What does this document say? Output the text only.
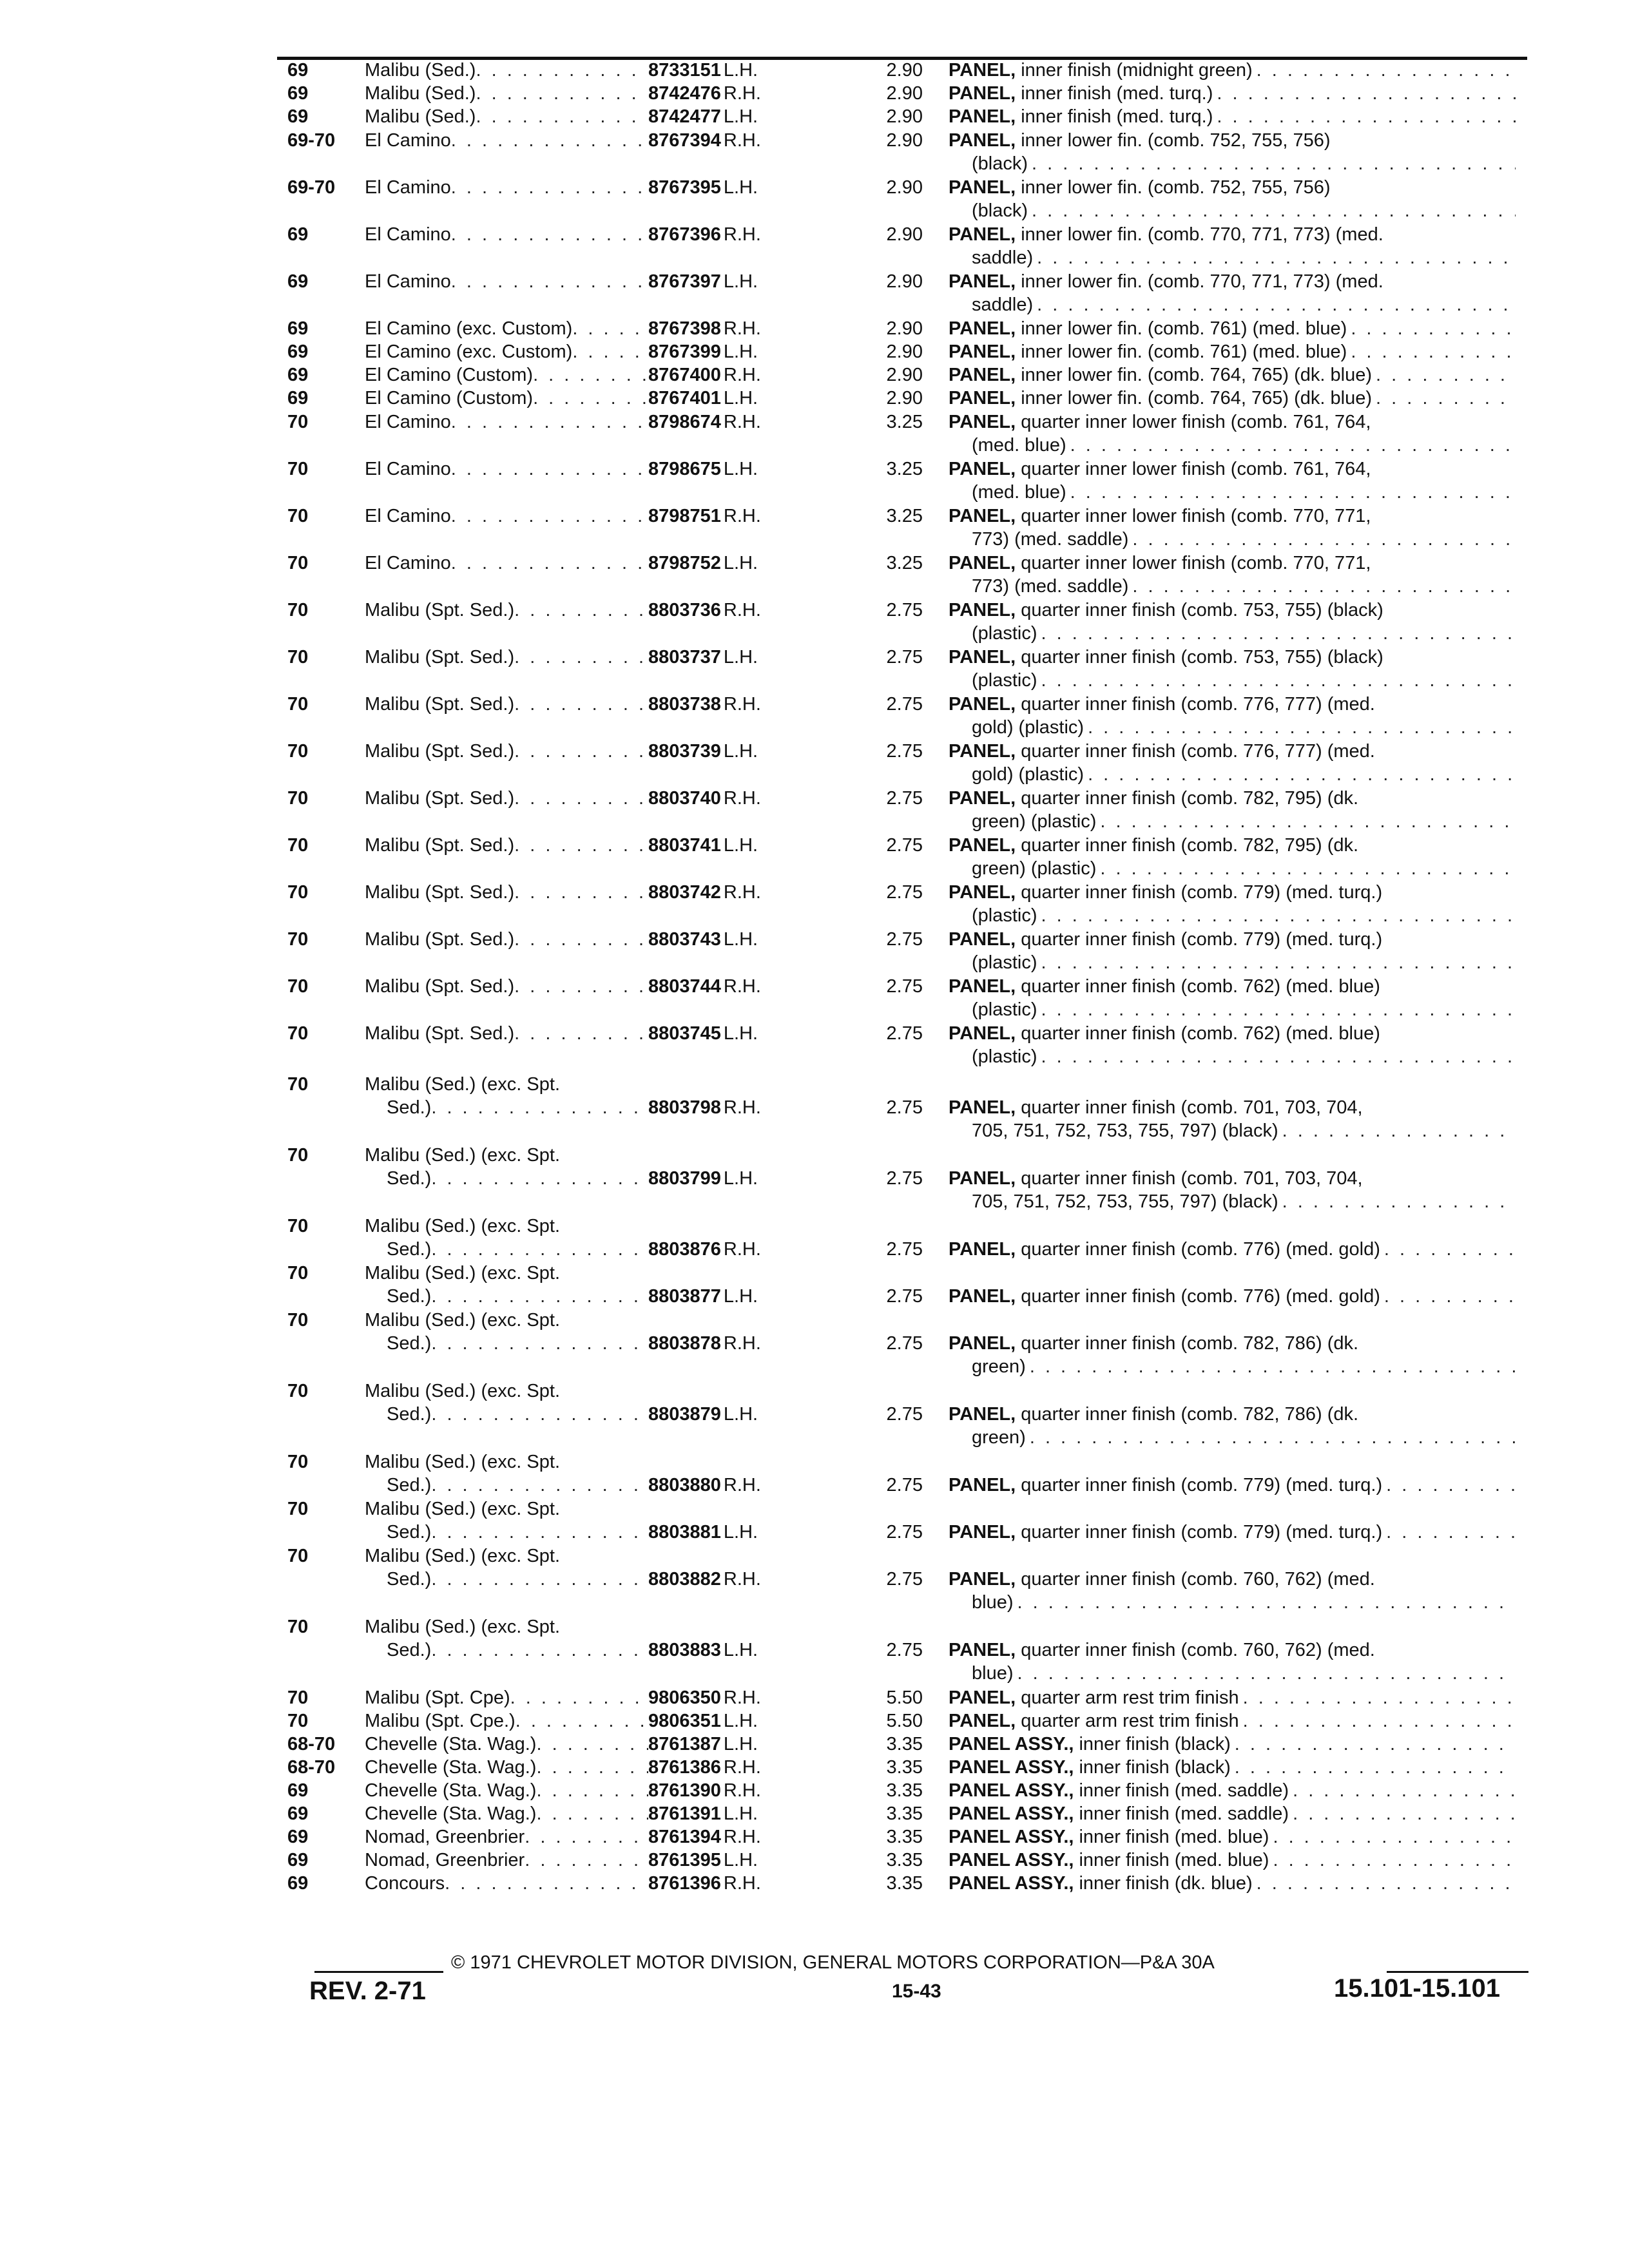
69	Malibu (Sed.) . . .	8733151 L.H.	2.90 PANEL, inner finish (midnight green)
. . .
69	Malibu (Sed.) . . .	8742476 R.H.	2.90 PANEL, inner finish (med. turq.)
. . .
69	Malibu (Sed.) . . .	8742477 L.H.	2.90 PANEL, inner finish (med. turq.)
. . .
69-70 El Camino . . .	8767394 R.H.	2.90 PANEL, inner lower fin. (comb. 752, 755, 756)
(black)
. . .
69-70 El Camino . . .	8767395 L.H.	2.90 PANEL, inner lower fin. (comb. 752, 755, 756)
(black)
. . .
69	El Camino . . .	8767396 R.H.	2.90 PANEL, inner lower fin. (comb. 770, 771, 773) (med.
saddle)
. . .
69	El Camino . . .	8767397 L.H.	2.90 PANEL, inner lower fin. (comb. 770, 771, 773) (med.
saddle)
. . .
69	El Camino (exc. Custom) . . .	8767398 R.H.	2.90 PANEL, inner lower fin. (comb. 761) (med. blue)
. . .
69	El Camino (exc. Custom) . . .	8767399 L.H.	2.90 PANEL, inner lower fin. (comb. 761) (med. blue)
. . .
69	El Camino (Custom) . . .	8767400 R.H.	2.90 PANEL, inner lower fin. (comb. 764, 765) (dk. blue)
. . .
69	El Camino (Custom) . . .	8767401 L.H.	2.90 PANEL, inner lower fin. (comb. 764, 765) (dk. blue)
. . .
70	El Camino . . .	8798674 R.H.	3.25 PANEL, quarter inner lower finish (comb. 761, 764,
(med. blue)
. . .
70	El Camino . . .	8798675 L.H.	3.25 PANEL, quarter inner lower finish (comb. 761, 764,
(med. blue)
. . .
70	El Camino . . .	8798751 R.H.	3.25 PANEL, quarter inner lower finish (comb. 770, 771,
773) (med. saddle)
. . .
70	El Camino . . .	8798752 L.H.	3.25 PANEL, quarter inner lower finish (comb. 770, 771,
773) (med. saddle)
. . .
70	Malibu (Spt. Sed.) . . .	8803736 R.H.	2.75 PANEL, quarter inner finish (comb. 753, 755) (black)
(plastic)
. . .
70	Malibu (Spt. Sed.) . . .	8803737 L.H.	2.75 PANEL, quarter inner finish (comb. 753, 755) (black)
(plastic)
. . .
70	Malibu (Spt. Sed.) . . .	8803738 R.H.	2.75 PANEL, quarter inner finish (comb. 776, 777) (med.
gold) (plastic)
. . .
70	Malibu (Spt. Sed.) . . .	8803739 L.H.	2.75 PANEL, quarter inner finish (comb. 776, 777) (med.
gold) (plastic)
. . .
70	Malibu (Spt. Sed.) . . .	8803740 R.H.	2.75 PANEL, quarter inner finish (comb. 782, 795) (dk.
green) (plastic)
. . .
70	Malibu (Spt. Sed.) . . .	8803741 L.H.	2.75 PANEL, quarter inner finish (comb. 782, 795) (dk.
green) (plastic)
. . .
70	Malibu (Spt. Sed.) . . .	8803742 R.H.	2.75 PANEL, quarter inner finish (comb. 779) (med. turq.)
(plastic)
. . .
70	Malibu (Spt. Sed.) . . .	8803743 L.H.	2.75 PANEL, quarter inner finish (comb. 779) (med. turq.)
(plastic)
. . .
70	Malibu (Spt. Sed.) . . .	8803744 R.H.	2.75 PANEL, quarter inner finish (comb. 762) (med. blue)
(plastic)
. . .
70	Malibu (Spt. Sed.) . . .	8803745 L.H.	2.75 PANEL, quarter inner finish (comb. 762) (med. blue)
(plastic)
. . .
70	Malibu (Sed.) (exc. Spt.
Sed.) . . .	8803798 R.H.	2.75 PANEL, quarter inner finish (comb. 701, 703, 704,
705, 751, 752, 753, 755, 797) (black)
. . .
70	Malibu (Sed.) (exc. Spt.
Sed.) . . .	8803799 L.H.	2.75 PANEL, quarter inner finish (comb. 701, 703, 704,
705, 751, 752, 753, 755, 797) (black)
. . .
70	Malibu (Sed.) (exc. Spt.
Sed.) . . .	8803876 R.H.	2.75 PANEL, quarter inner finish (comb. 776) (med. gold)
. . .
70	Malibu (Sed.) (exc. Spt.
Sed.) . . .	8803877 L.H.	2.75 PANEL, quarter inner finish (comb. 776) (med. gold)
. . .
70	Malibu (Sed.) (exc. Spt.
Sed.) . . .	8803878 R.H.	2.75 PANEL, quarter inner finish (comb. 782, 786) (dk.
green)
. . .
70	Malibu (Sed.) (exc. Spt.
Sed.) . . .	8803879 L.H.	2.75 PANEL, quarter inner finish (comb. 782, 786) (dk.
green)
. . .
70	Malibu (Sed.) (exc. Spt.
Sed.) . . .	8803880 R.H.	2.75 PANEL, quarter inner finish (comb. 779) (med. turq.)
. . .
70	Malibu (Sed.) (exc. Spt.
Sed.) . . .	8803881 L.H.	2.75 PANEL, quarter inner finish (comb. 779) (med. turq.)
. . .
70	Malibu (Sed.) (exc. Spt.
Sed.) . . .	8803882 R.H.	2.75 PANEL, quarter inner finish (comb. 760, 762) (med.
blue)
. . .
70	Malibu (Sed.) (exc. Spt.
Sed.) . . .	8803883 L.H.	2.75 PANEL, quarter inner finish (comb. 760, 762) (med.
blue)
. . .
70	Malibu (Spt. Cpe) . . .	9806350 R.H.	5.50 PANEL, quarter arm rest trim finish
. . .
70	Malibu (Spt. Cpe.) . . .	9806351 L.H.	5.50 PANEL, quarter arm rest trim finish
. . .
68-70 Chevelle (Sta. Wag.) . . .	8761387 L.H.	3.35 PANEL ASSY., inner finish (black)
. . .
68-70 Chevelle (Sta. Wag.) . . .	8761386 R.H.	3.35 PANEL ASSY., inner finish (black)
. . .
69	Chevelle (Sta. Wag.) . . .	8761390 R.H.	3.35 PANEL ASSY., inner finish (med. saddle)
. . .
69	Chevelle (Sta. Wag.) . . .	8761391 L.H.	3.35 PANEL ASSY., inner finish (med. saddle)
. . .
69	Nomad, Greenbrier . . .	8761394 R.H.	3.35 PANEL ASSY., inner finish (med. blue)
. . .
69	Nomad, Greenbrier . . .	8761395 L.H.	3.35 PANEL ASSY., inner finish (med. blue)
. . .
69	Concours . . .	8761396 R.H.	3.35 PANEL ASSY., inner finish (dk. blue)
. . .
© 1971 CHEVROLET MOTOR DIVISION, GENERAL MOTORS CORPORATION—P&A 30A
REV. 2-71	15-43	15.101-15.101
